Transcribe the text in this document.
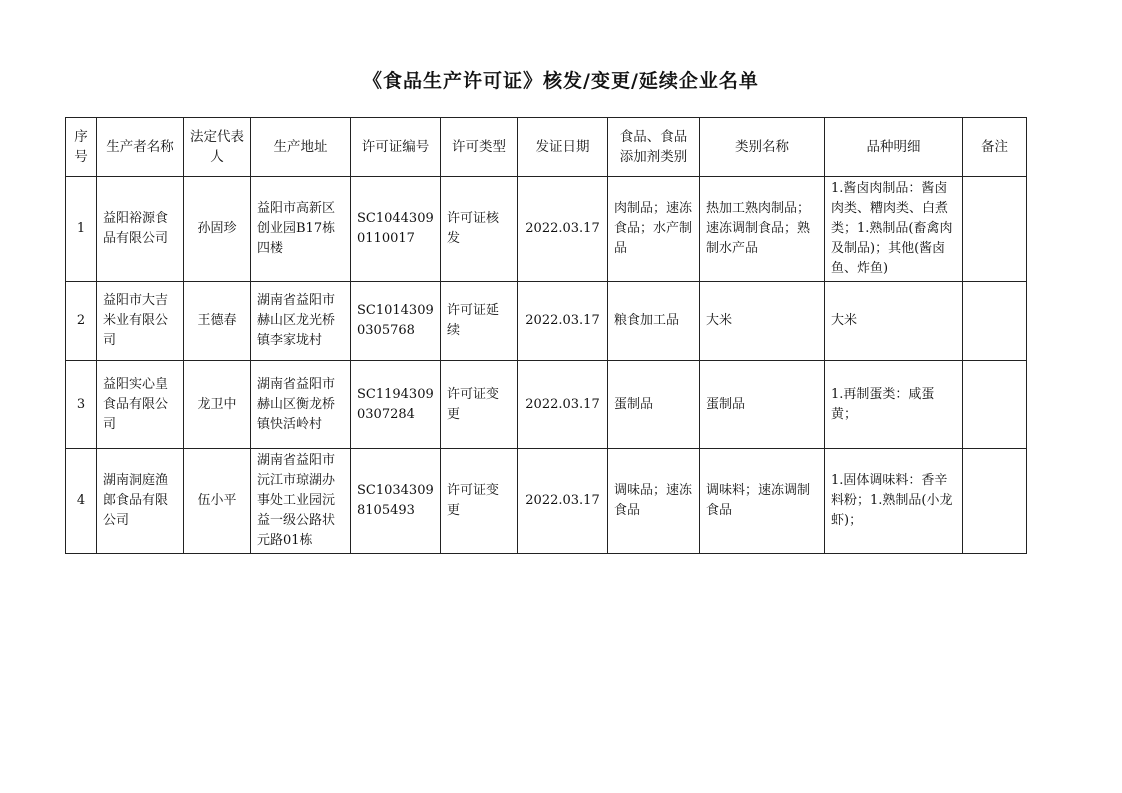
《食品生产许可证》核发/变更/延续企业名单
序号	生产者名称	法定代表人	生产地址	许可证编号	许可类型	发证日期	食品、食品添加剂类别	类别名称	品种明细	备注
1	益阳裕源食品有限公司	孙固珍	益阳市高新区创业园B17栋四楼	SC10443090110017	许可证核发	2022.03.17	肉制品；速冻食品；水产制品	热加工熟肉制品；速冻调制食品；熟制水产品	1.酱卤肉制品：酱卤肉类、糟肉类、白煮类；1.熟制品(畜禽肉及制品)；其他(酱卤鱼、炸鱼)	
2	益阳市大吉米业有限公司	王德春	湖南省益阳市赫山区龙光桥镇李家垅村	SC10143090305768	许可证延续	2022.03.17	粮食加工品	大米	大米	
3	益阳实心皇食品有限公司	龙卫中	湖南省益阳市赫山区衡龙桥镇快活岭村	SC11943090307284	许可证变更	2022.03.17	蛋制品	蛋制品	1.再制蛋类：咸蛋黄；	
4	湖南洞庭渔郎食品有限公司	伍小平	湖南省益阳市沅江市琼湖办事处工业园沅益一级公路状元路01栋	SC10343098105493	许可证变更	2022.03.17	调味品；速冻食品	调味料；速冻调制食品	1.固体调味料：香辛料粉；1.熟制品(小龙虾)；	
